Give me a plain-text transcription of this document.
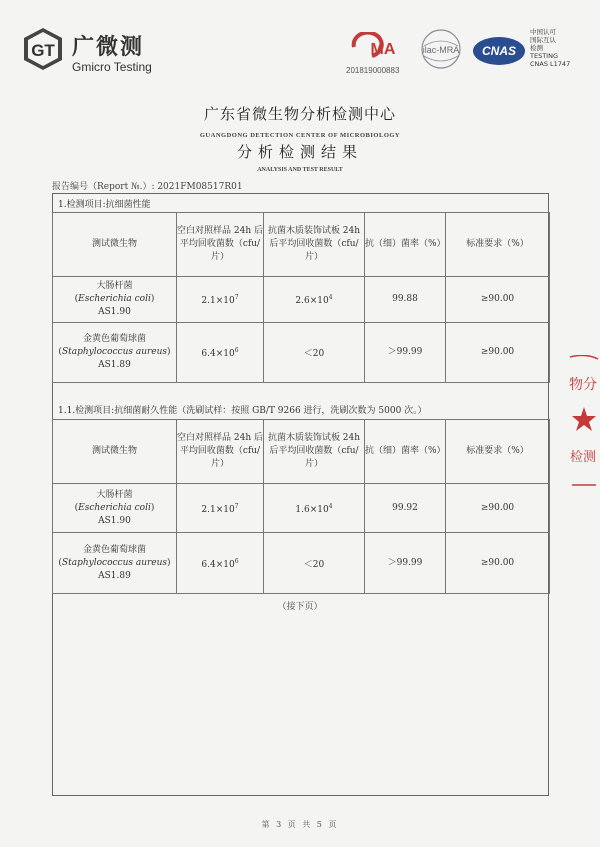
GT 广微测
Gmicro Testing
MA
201819000883
ilac-MRA CNAS
中国认可
国际互认
检测
TESTING
CNAS L1747
广东省微生物分析检测中心
GUANGDONG DETECTION CENTER OF MICROBIOLOGY
分析检测结果
ANALYSIS AND TEST RESULT
报告编号（Report №.）: 2021FM08517R01
1.检测项目:抗细菌性能
测试微生物	空白对照样品 24h 后平均回收菌数（cfu/片）	抗菌木质装饰试板 24h 后平均回收菌数（cfu/片）	抗（细）菌率（%）	标准要求（%）

大肠杆菌
(Escherichia coli)
AS1.90	$2.1\times 10^7$	$2.6\times 10^4$	99.88	≥90.00

金黄色葡萄球菌
(Staphylococcus aureus)
AS1.89	$6.4\times 10^6$	＜20	＞99.99	≥90.00
1.1.检测项目:抗细菌耐久性能（洗刷试样：按照 GB/T 9266 进行，洗刷次数为 5000 次。）
测试微生物	空白对照样品 24h 后平均回收菌数（cfu/片）	抗菌木质装饰试板 24h 后平均回收菌数（cfu/片）	抗（细）菌率（%）	标准要求（%）

大肠杆菌
(Escherichia coli)
AS1.90	$2.1\times 10^7$	$1.6\times 10^4$	99.92	≥90.00

金黄色葡萄球菌
(Staphylococcus aureus)
AS1.89	$6.4\times 10^6$	＜20	＞99.99	≥90.00
（接下页）
第 3 页 共 5 页
物分
检测
